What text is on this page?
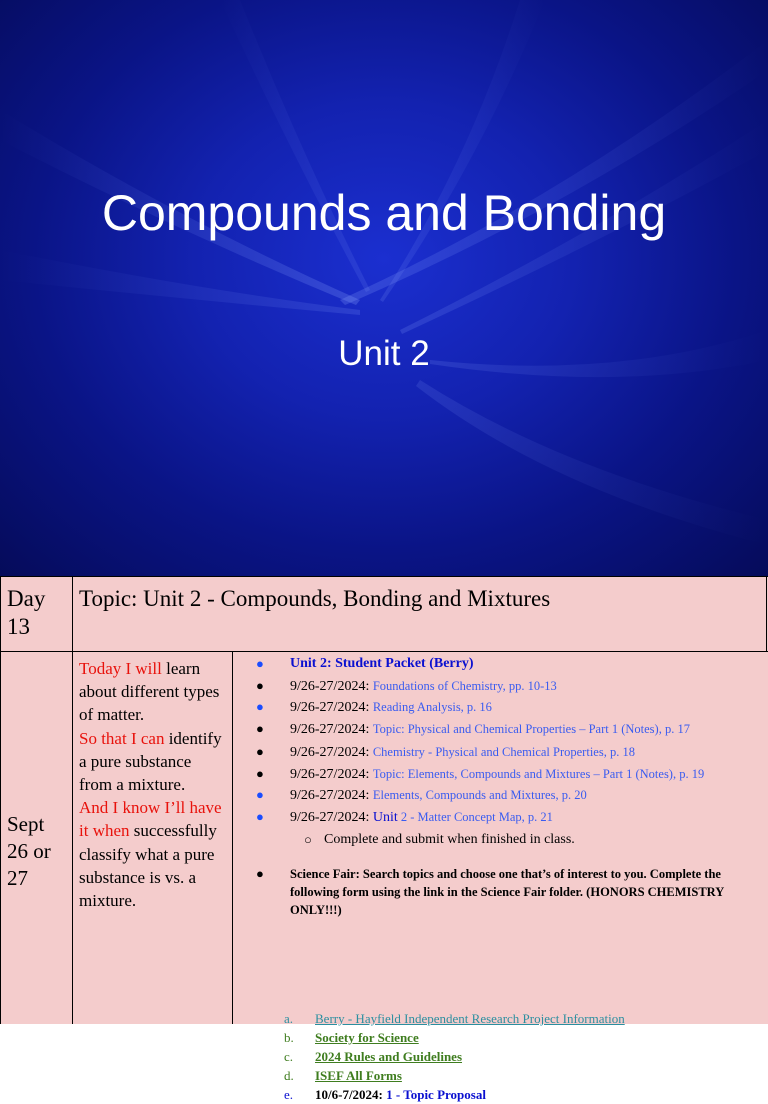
Compounds and Bonding
Unit 2
Day 13
Topic: Unit 2 - Compounds, Bonding and Mixtures
Sept 26 or 27
Today I will learn about different types of matter.
So that I can identify a pure substance from a mixture.
And I know I’ll have it when successfully classify what a pure substance is vs. a mixture.
● Unit 2: Student Packet (Berry)
● 9/26-27/2024: Foundations of Chemistry, pp. 10-13
● 9/26-27/2024: Reading Analysis, p. 16
● 9/26-27/2024: Topic: Physical and Chemical Properties – Part 1 (Notes), p. 17
● 9/26-27/2024: Chemistry - Physical and Chemical Properties, p. 18
● 9/26-27/2024: Topic: Elements, Compounds and Mixtures – Part 1 (Notes), p. 19
● 9/26-27/2024: Elements, Compounds and Mixtures, p. 20
● 9/26-27/2024: Unit 2 - Matter Concept Map, p. 21
○ Complete and submit when finished in class.
● Science Fair: Search topics and choose one that’s of interest to you. Complete the following form using the link in the Science Fair folder. (HONORS CHEMISTRY ONLY!!!)
a. Berry - Hayfield Independent Research Project Information
b. Society for Science
c. 2024 Rules and Guidelines
d. ISEF All Forms
e. 10/6-7/2024: 1 - Topic Proposal
